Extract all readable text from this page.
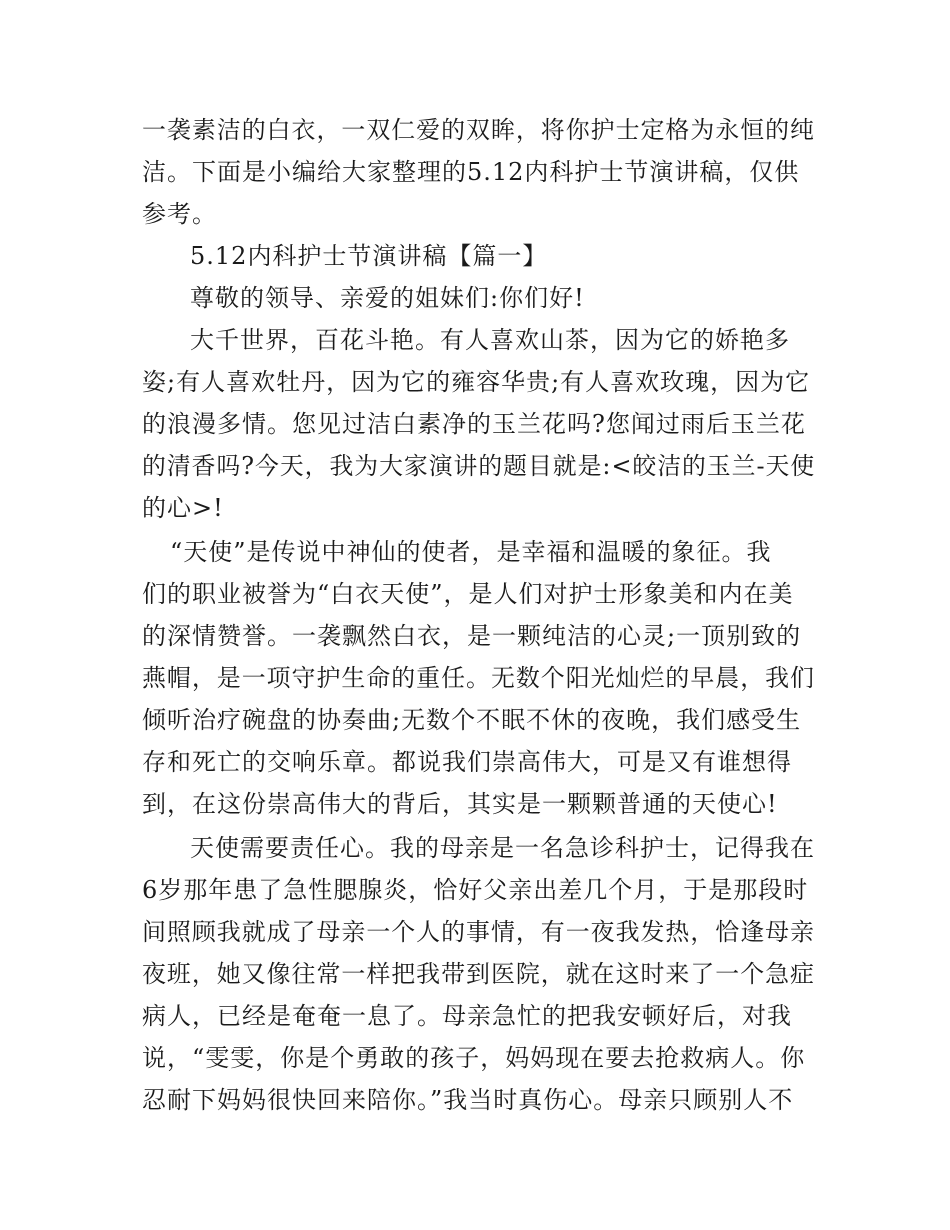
一袭素洁的白衣，一双仁爱的双眸，将你护士定格为永恒的纯

洁。下面是小编给大家整理的5.12内科护士节演讲稿，仅供

参考。

5.12内科护士节演讲稿【篇一】

尊敬的领导、亲爱的姐妹们:你们好!

大千世界，百花斗艳。有人喜欢山茶，因为它的娇艳多

姿;有人喜欢牡丹，因为它的雍容华贵;有人喜欢玫瑰，因为它

的浪漫多情。您见过洁白素净的玉兰花吗?您闻过雨后玉兰花

的清香吗?今天，我为大家演讲的题目就是:<皎洁的玉兰-天使

的心>!

“天使”是传说中神仙的使者，是幸福和温暖的象征。我

们的职业被誉为“白衣天使”，是人们对护士形象美和内在美

的深情赞誉。一袭飘然白衣，是一颗纯洁的心灵;一顶别致的

燕帽，是一项守护生命的重任。无数个阳光灿烂的早晨，我们

倾听治疗碗盘的协奏曲;无数个不眠不休的夜晚，我们感受生

存和死亡的交响乐章。都说我们崇高伟大，可是又有谁想得

到，在这份崇高伟大的背后，其实是一颗颗普通的天使心!

天使需要责任心。我的母亲是一名急诊科护士，记得我在

6岁那年患了急性腮腺炎，恰好父亲出差几个月，于是那段时

间照顾我就成了母亲一个人的事情，有一夜我发热，恰逢母亲

夜班，她又像往常一样把我带到医院，就在这时来了一个急症

病人，已经是奄奄一息了。母亲急忙的把我安顿好后，对我

说，“雯雯，你是个勇敢的孩子，妈妈现在要去抢救病人。你

忍耐下妈妈很快回来陪你。”我当时真伤心。母亲只顾别人不
